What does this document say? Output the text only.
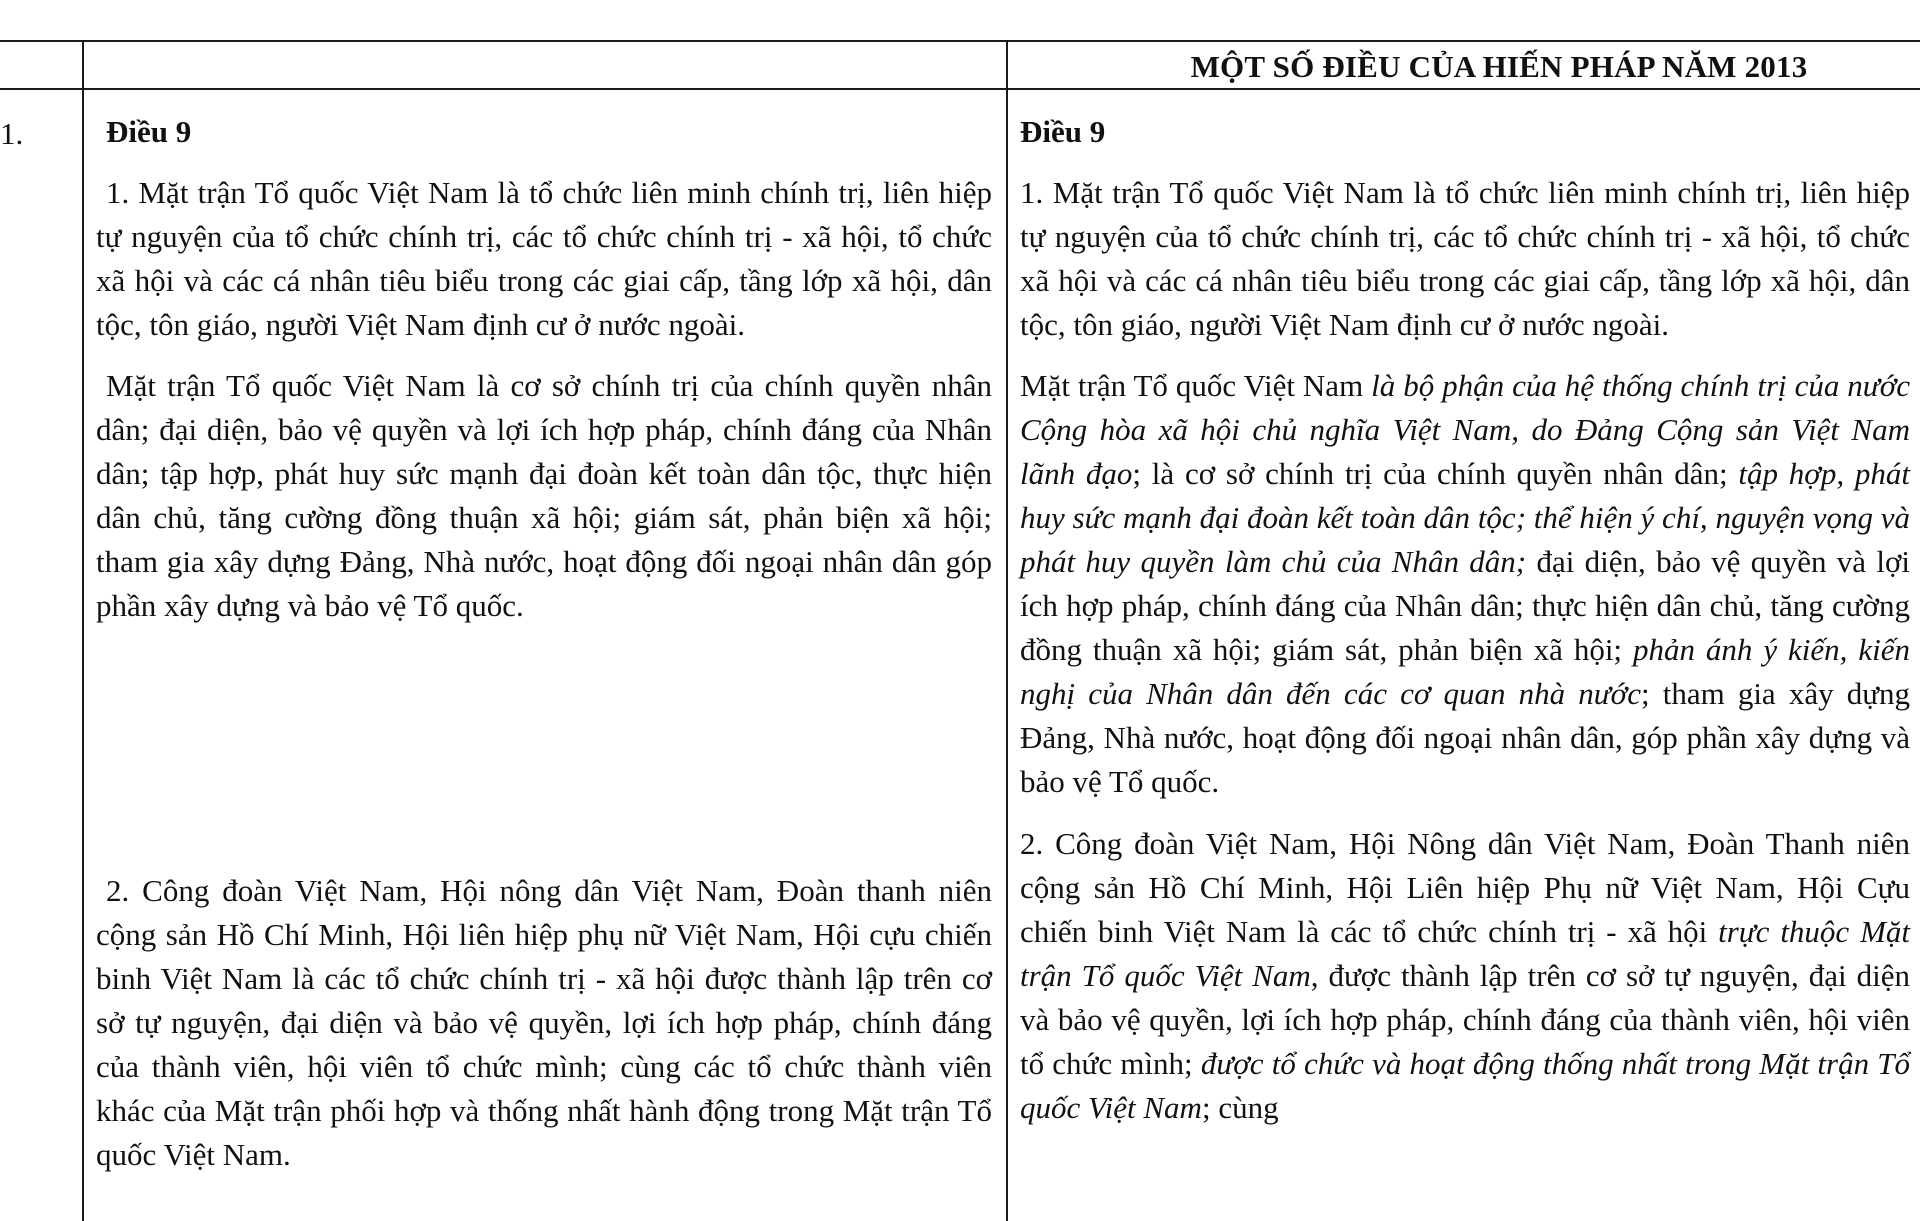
MỘT SỐ ĐIỀU CỦA HIẾN PHÁP NĂM 2013
1.	Điều 9

1. Mặt trận Tổ quốc Việt Nam là tổ chức liên minh chính trị, liên hiệp tự nguyện của tổ chức chính trị, các tổ chức chính trị - xã hội, tổ chức xã hội và các cá nhân tiêu biểu trong các giai cấp, tầng lớp xã hội, dân tộc, tôn giáo, người Việt Nam định cư ở nước ngoài.

Mặt trận Tổ quốc Việt Nam là cơ sở chính trị của chính quyền nhân dân; đại diện, bảo vệ quyền và lợi ích hợp pháp, chính đáng của Nhân dân; tập hợp, phát huy sức mạnh đại đoàn kết toàn dân tộc, thực hiện dân chủ, tăng cường đồng thuận xã hội; giám sát, phản biện xã hội; tham gia xây dựng Đảng, Nhà nước, hoạt động đối ngoại nhân dân góp phần xây dựng và bảo vệ Tổ quốc.

2. Công đoàn Việt Nam, Hội nông dân Việt Nam, Đoàn thanh niên cộng sản Hồ Chí Minh, Hội liên hiệp phụ nữ Việt Nam, Hội cựu chiến binh Việt Nam là các tổ chức chính trị - xã hội được thành lập trên cơ sở tự nguyện, đại diện và bảo vệ quyền, lợi ích hợp pháp, chính đáng của thành viên, hội viên tổ chức mình; cùng các tổ chức thành viên khác của Mặt trận phối hợp và thống nhất hành động trong Mặt trận Tổ quốc Việt Nam.

Điều 9

1. Mặt trận Tổ quốc Việt Nam là tổ chức liên minh chính trị, liên hiệp tự nguyện của tổ chức chính trị, các tổ chức chính trị - xã hội, tổ chức xã hội và các cá nhân tiêu biểu trong các giai cấp, tầng lớp xã hội, dân tộc, tôn giáo, người Việt Nam định cư ở nước ngoài.

Mặt trận Tổ quốc Việt Nam là bộ phận của hệ thống chính trị của nước Cộng hòa xã hội chủ nghĩa Việt Nam, do Đảng Cộng sản Việt Nam lãnh đạo; là cơ sở chính trị của chính quyền nhân dân; tập hợp, phát huy sức mạnh đại đoàn kết toàn dân tộc; thể hiện ý chí, nguyện vọng và phát huy quyền làm chủ của Nhân dân; đại diện, bảo vệ quyền và lợi ích hợp pháp, chính đáng của Nhân dân; thực hiện dân chủ, tăng cường đồng thuận xã hội; giám sát, phản biện xã hội; phản ánh ý kiến, kiến nghị của Nhân dân đến các cơ quan nhà nước; tham gia xây dựng Đảng, Nhà nước, hoạt động đối ngoại nhân dân, góp phần xây dựng và bảo vệ Tổ quốc.

2. Công đoàn Việt Nam, Hội Nông dân Việt Nam, Đoàn Thanh niên cộng sản Hồ Chí Minh, Hội Liên hiệp Phụ nữ Việt Nam, Hội Cựu chiến binh Việt Nam là các tổ chức chính trị - xã hội trực thuộc Mặt trận Tổ quốc Việt Nam, được thành lập trên cơ sở tự nguyện, đại diện và bảo vệ quyền, lợi ích hợp pháp, chính đáng của thành viên, hội viên tổ chức mình; được tổ chức và hoạt động thống nhất trong Mặt trận Tổ quốc Việt Nam; cùng
